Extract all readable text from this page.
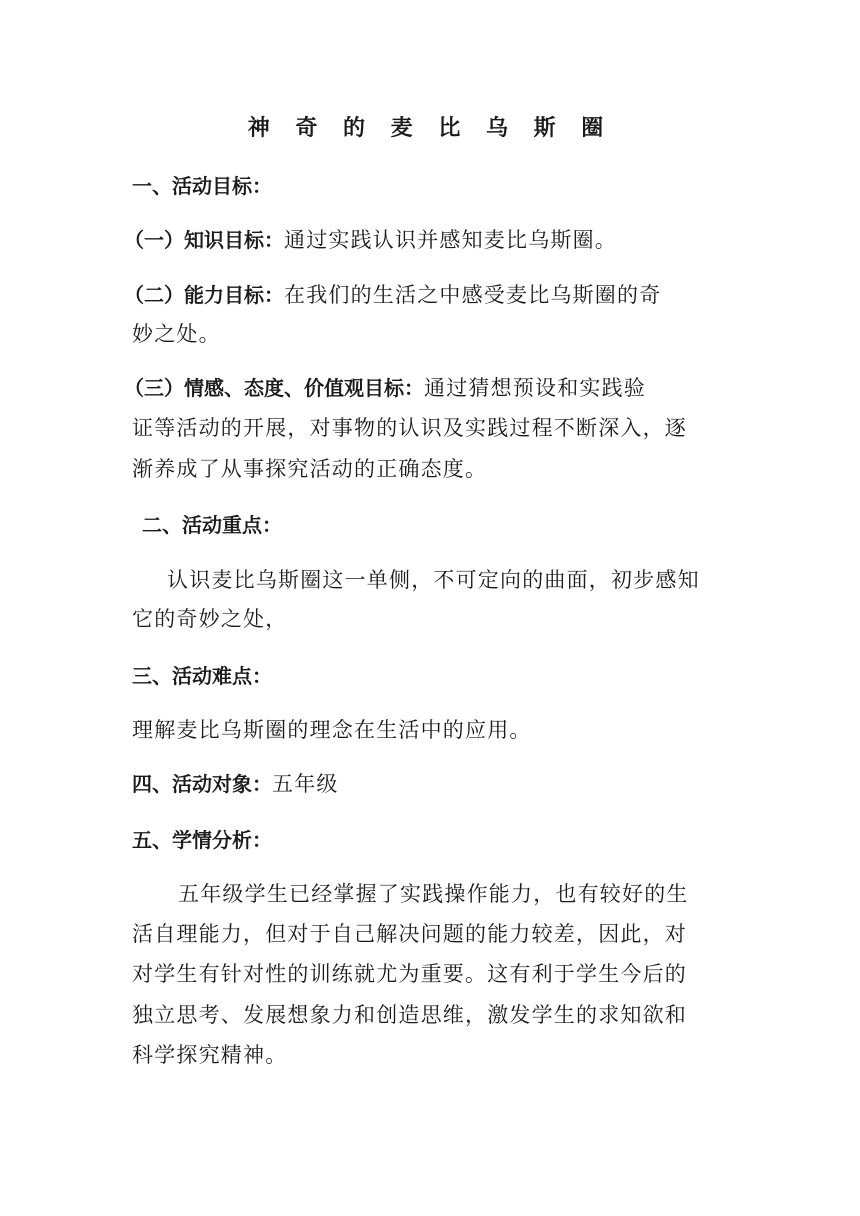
神 奇 的 麦 比 乌 斯 圈
一、活动目标：
（一）知识目标：通过实践认识并感知麦比乌斯圈。
（二）能力目标：在我们的生活之中感受麦比乌斯圈的奇
妙之处。
（三）情感、态度、价值观目标：通过猜想预设和实践验
证等活动的开展，对事物的认识及实践过程不断深入，逐
渐养成了从事探究活动的正确态度。
二、活动重点：
认识麦比乌斯圈这一单侧，不可定向的曲面，初步感知
它的奇妙之处，
三、活动难点：
理解麦比乌斯圈的理念在生活中的应用。
四、活动对象：五年级
五、学情分析：
五年级学生已经掌握了实践操作能力，也有较好的生
活自理能力，但对于自己解决问题的能力较差，因此，对
对学生有针对性的训练就尤为重要。这有利于学生今后的
独立思考、发展想象力和创造思维，激发学生的求知欲和
科学探究精神。
